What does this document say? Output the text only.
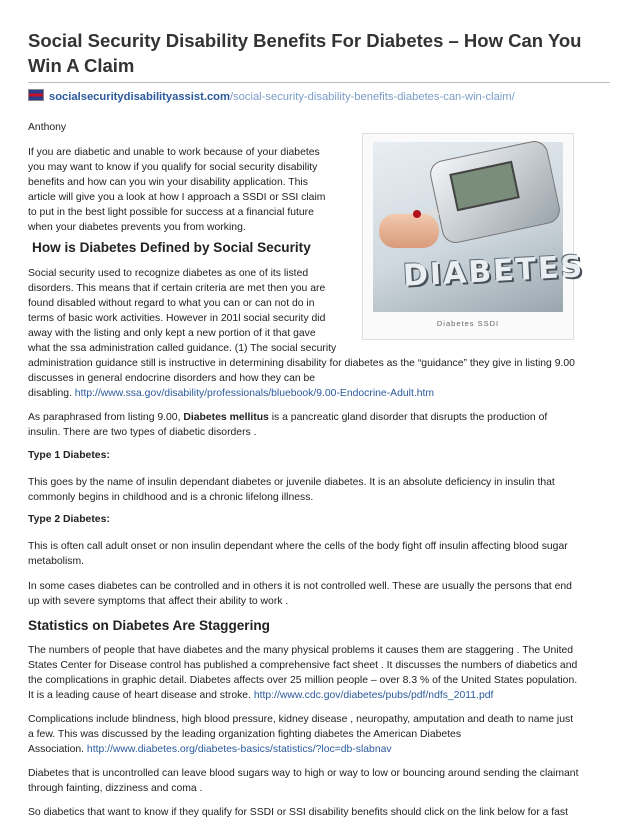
Social Security Disability Benefits For Diabetes – How Can You Win A Claim
socialsecuritydisabilityassist.com/social-security-disability-benefits-diabetes-can-win-claim/

Anthony

If you are diabetic and unable to work because of your diabetes

you may want to know if you qualify for social security disability

benefits and how can you win your disability application. This

article will give you a look at how I approach a SSDI or SSI claim

to put in the best light possible for success at a financial future

when your diabetes prevents you from working.

DIABETES
Diabetes SSDI
How is Diabetes Defined by Social Security

Social security used to recognize diabetes as one of its listed

disorders. This means that if certain criteria are met then you are

found disabled without regard to what you can or can not do in

terms of basic work activities. However in 201l social security did

away with the listing and only kept a new portion of it that gave

what the ssa administration called guidance. (1) The social security

administration guidance still is instructive in determining disability for diabetes as the “guidance” they give in listing 9.00

discusses in general endocrine disorders and how they can be

disabling. http://www.ssa.gov/disability/professionals/bluebook/9.00-Endocrine-Adult.htm

As paraphrased from listing 9.00, Diabetes mellitus is a pancreatic gland disorder that disrupts the production of

insulin. There are two types of diabetic disorders .

Type 1 Diabetes:

This goes by the name of insulin dependant diabetes or juvenile diabetes. It is an absolute deficiency in insulin that

commonly begins in childhood and is a chronic lifelong illness.

Type 2 Diabetes:

This is often call adult onset or non insulin dependant where the cells of the body fight off insulin affecting blood sugar

metabolism.

In some cases diabetes can be controlled and in others it is not controlled well. These are usually the persons that end

up with severe symptoms that affect their ability to work .

Statistics on Diabetes Are Staggering

The numbers of people that have diabetes and the many physical problems it causes them are staggering . The United

States Center for Disease control has published a comprehensive fact sheet . It discusses the numbers of diabetics and

the complications in graphic detail. Diabetes affects over 25 million people – over 8.3 % of the United States population.

It is a leading cause of heart disease and stroke. http://www.cdc.gov/diabetes/pubs/pdf/ndfs_2011.pdf

Complications include blindness, high blood pressure, kidney disease , neuropathy, amputation and death to name just

a few. This was discussed by the leading organization fighting diabetes the American Diabetes

Association. http://www.diabetes.org/diabetes-basics/statistics/?loc=db-slabnav

Diabetes that is uncontrolled can leave blood sugars way to high or way to low or bouncing around sending the claimant

through fainting, dizziness and coma .

So diabetics that want to know if they qualify for SSDI or SSI disability benefits should click on the link below for a fast
